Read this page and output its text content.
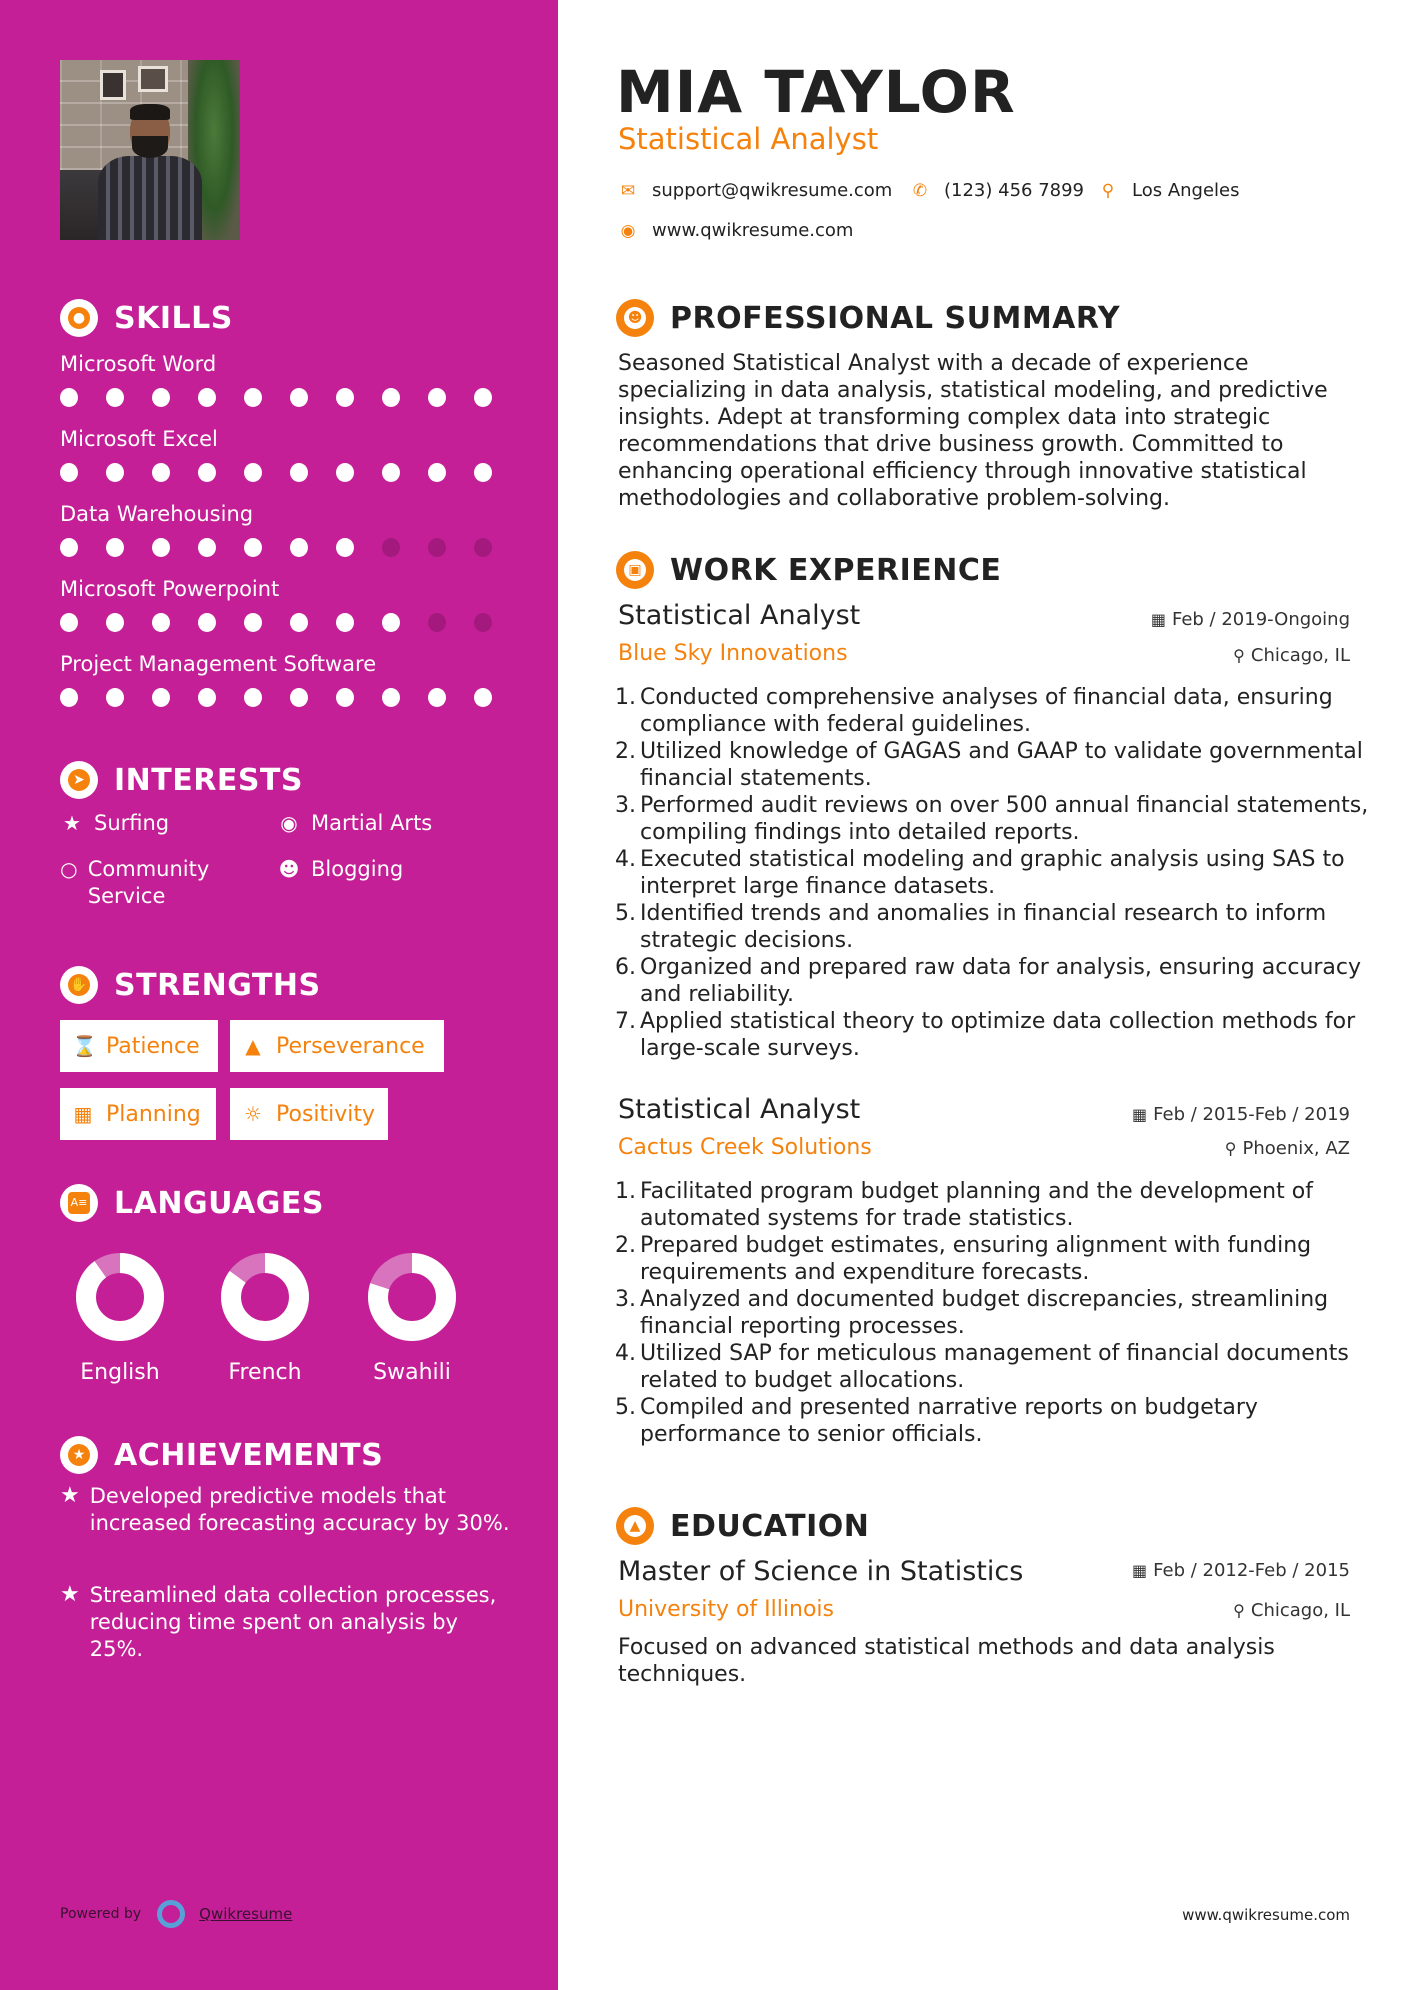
● SKILLS
Microsoft Word
Microsoft Excel
Data Warehousing
Microsoft Powerpoint
Project Management Software
➤ INTERESTS
★ Surfing	◉ Martial Arts
○ Community Service
☻ Blogging
✋ STRENGTHS
⌛ Patience ▲ Perseverance
▦ Planning ☼ Positivity
A≡ LANGUAGES
English	French	Swahili
★ ACHIEVEMENTS
★ Developed predictive models that increased forecasting accuracy by 30%.
★ Streamlined data collection processes, reducing time spent on analysis by 25%.
Powered by	Qwikresume
MIA TAYLOR
Statistical Analyst
✉ support@qwikresume.com ✆ (123) 456 7899 ⚲ Los Angeles
◉ www.qwikresume.com
☻ PROFESSIONAL SUMMARY
Seasoned Statistical Analyst with a decade of experience specializing in data analysis, statistical modeling, and predictive insights. Adept at transforming complex data into strategic recommendations that drive business growth. Committed to enhancing operational efficiency through innovative statistical methodologies and collaborative problem-solving.
▣ WORK EXPERIENCE
Statistical Analyst	▦ Feb / 2019-Ongoing
Blue Sky Innovations	⚲ Chicago, IL
1. Conducted comprehensive analyses of financial data, ensuring compliance with federal guidelines.
2. Utilized knowledge of GAGAS and GAAP to validate governmental financial statements.
3. Performed audit reviews on over 500 annual financial statements, compiling findings into detailed reports.
4. Executed statistical modeling and graphic analysis using SAS to interpret large finance datasets.
5. Identified trends and anomalies in financial research to inform strategic decisions.
6. Organized and prepared raw data for analysis, ensuring accuracy and reliability.
7. Applied statistical theory to optimize data collection methods for large-scale surveys.
Statistical Analyst	▦ Feb / 2015-Feb / 2019
Cactus Creek Solutions	⚲ Phoenix, AZ
1. Facilitated program budget planning and the development of automated systems for trade statistics.
2. Prepared budget estimates, ensuring alignment with funding requirements and expenditure forecasts.
3. Analyzed and documented budget discrepancies, streamlining financial reporting processes.
4. Utilized SAP for meticulous management of financial documents related to budget allocations.
5. Compiled and presented narrative reports on budgetary performance to senior officials.
▲ EDUCATION
Master of Science in Statistics	▦ Feb / 2012-Feb / 2015
University of Illinois	⚲ Chicago, IL
Focused on advanced statistical methods and data analysis techniques.
www.qwikresume.com
